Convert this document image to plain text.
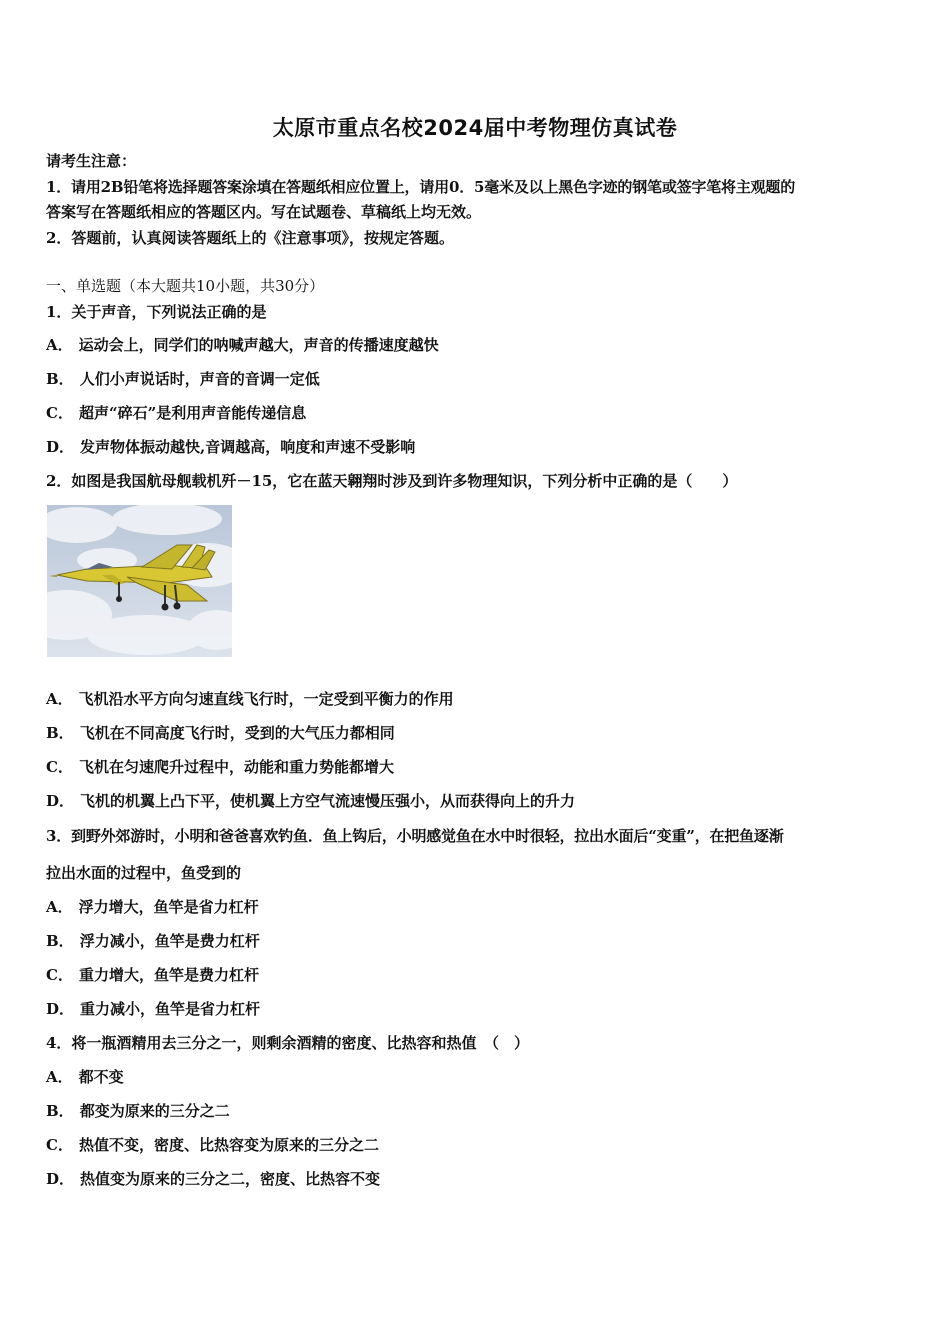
太原市重点名校2024届中考物理仿真试卷
请考生注意：
1．请用2B铅笔将选择题答案涂填在答题纸相应位置上，请用0．5毫米及以上黑色字迹的钢笔或签字笔将主观题的
答案写在答题纸相应的答题区内。写在试题卷、草稿纸上均无效。
2．答题前，认真阅读答题纸上的《注意事项》，按规定答题。
一、单选题（本大题共10小题，共30分）
1．关于声音，下列说法正确的是
A． 运动会上，同学们的呐喊声越大，声音的传播速度越快
B． 人们小声说话时，声音的音调一定低
C． 超声“碎石”是利用声音能传递信息
D． 发声物体振动越快,音调越高，响度和声速不受影响
2．如图是我国航母舰载机歼－15，它在蓝天翱翔时涉及到许多物理知识，下列分析中正确的是（　　）
A． 飞机沿水平方向匀速直线飞行时，一定受到平衡力的作用
B． 飞机在不同高度飞行时，受到的大气压力都相同
C． 飞机在匀速爬升过程中，动能和重力势能都增大
D． 飞机的机翼上凸下平，使机翼上方空气流速慢压强小，从而获得向上的升力
3．到野外郊游时，小明和爸爸喜欢钓鱼．鱼上钩后，小明感觉鱼在水中时很轻，拉出水面后“变重”，在把鱼逐渐
拉出水面的过程中，鱼受到的
A． 浮力增大，鱼竿是省力杠杆
B． 浮力减小，鱼竿是费力杠杆
C． 重力增大，鱼竿是费力杠杆
D． 重力减小，鱼竿是省力杠杆
4．将一瓶酒精用去三分之一，则剩余酒精的密度、比热容和热值　（　）
A． 都不变
B． 都变为原来的三分之二
C． 热值不变，密度、比热容变为原来的三分之二
D． 热值变为原来的三分之二，密度、比热容不变
